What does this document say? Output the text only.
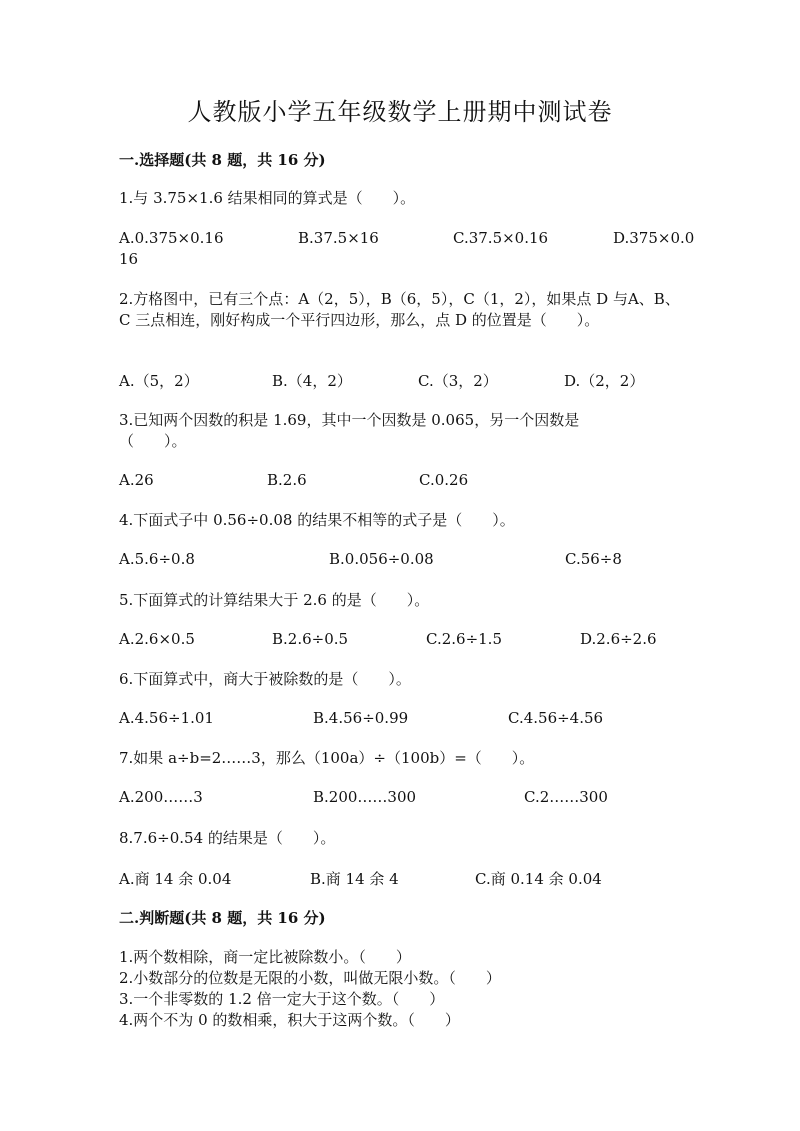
人教版小学五年级数学上册期中测试卷
一.选择题(共 8 题，共 16 分)
1.与 3.75×1.6 结果相同的算式是（　　）。
A.0.375×0.16	B.37.5×16	C.37.5×0.16	D.375×0.0
16
2.方格图中，已有三个点：A（2，5），B（6，5），C（1，2），如果点 D 与A、B、C 三点相连，刚好构成一个平行四边形，那么，点 D 的位置是（　　）。
A.（5，2）	B.（4，2）	C.（3，2）	D.（2，2）
3.已知两个因数的积是 1.69，其中一个因数是 0.065，另一个因数是（　　）。
A.26	B.2.6	C.0.26
4.下面式子中 0.56÷0.08 的结果不相等的式子是（　　）。
A.5.6÷0.8	B.0.056÷0.08	C.56÷8
5.下面算式的计算结果大于 2.6 的是（　　）。
A.2.6×0.5	B.2.6÷0.5	C.2.6÷1.5	D.2.6÷2.6
6.下面算式中，商大于被除数的是（　　）。
A.4.56÷1.01	B.4.56÷0.99	C.4.56÷4.56
7.如果 a÷b=2……3，那么（100a）÷（100b）=（　　）。
A.200……3	B.200……300	C.2……300
8.7.6÷0.54 的结果是（　　）。
A.商 14 余 0.04	B.商 14 余 4	C.商 0.14 余 0.04
二.判断题(共 8 题，共 16 分)
1.两个数相除，商一定比被除数小。（　　）
2.小数部分的位数是无限的小数，叫做无限小数。（　　）
3.一个非零数的 1.2 倍一定大于这个数。（　　）
4.两个不为 0 的数相乘，积大于这两个数。（　　）
